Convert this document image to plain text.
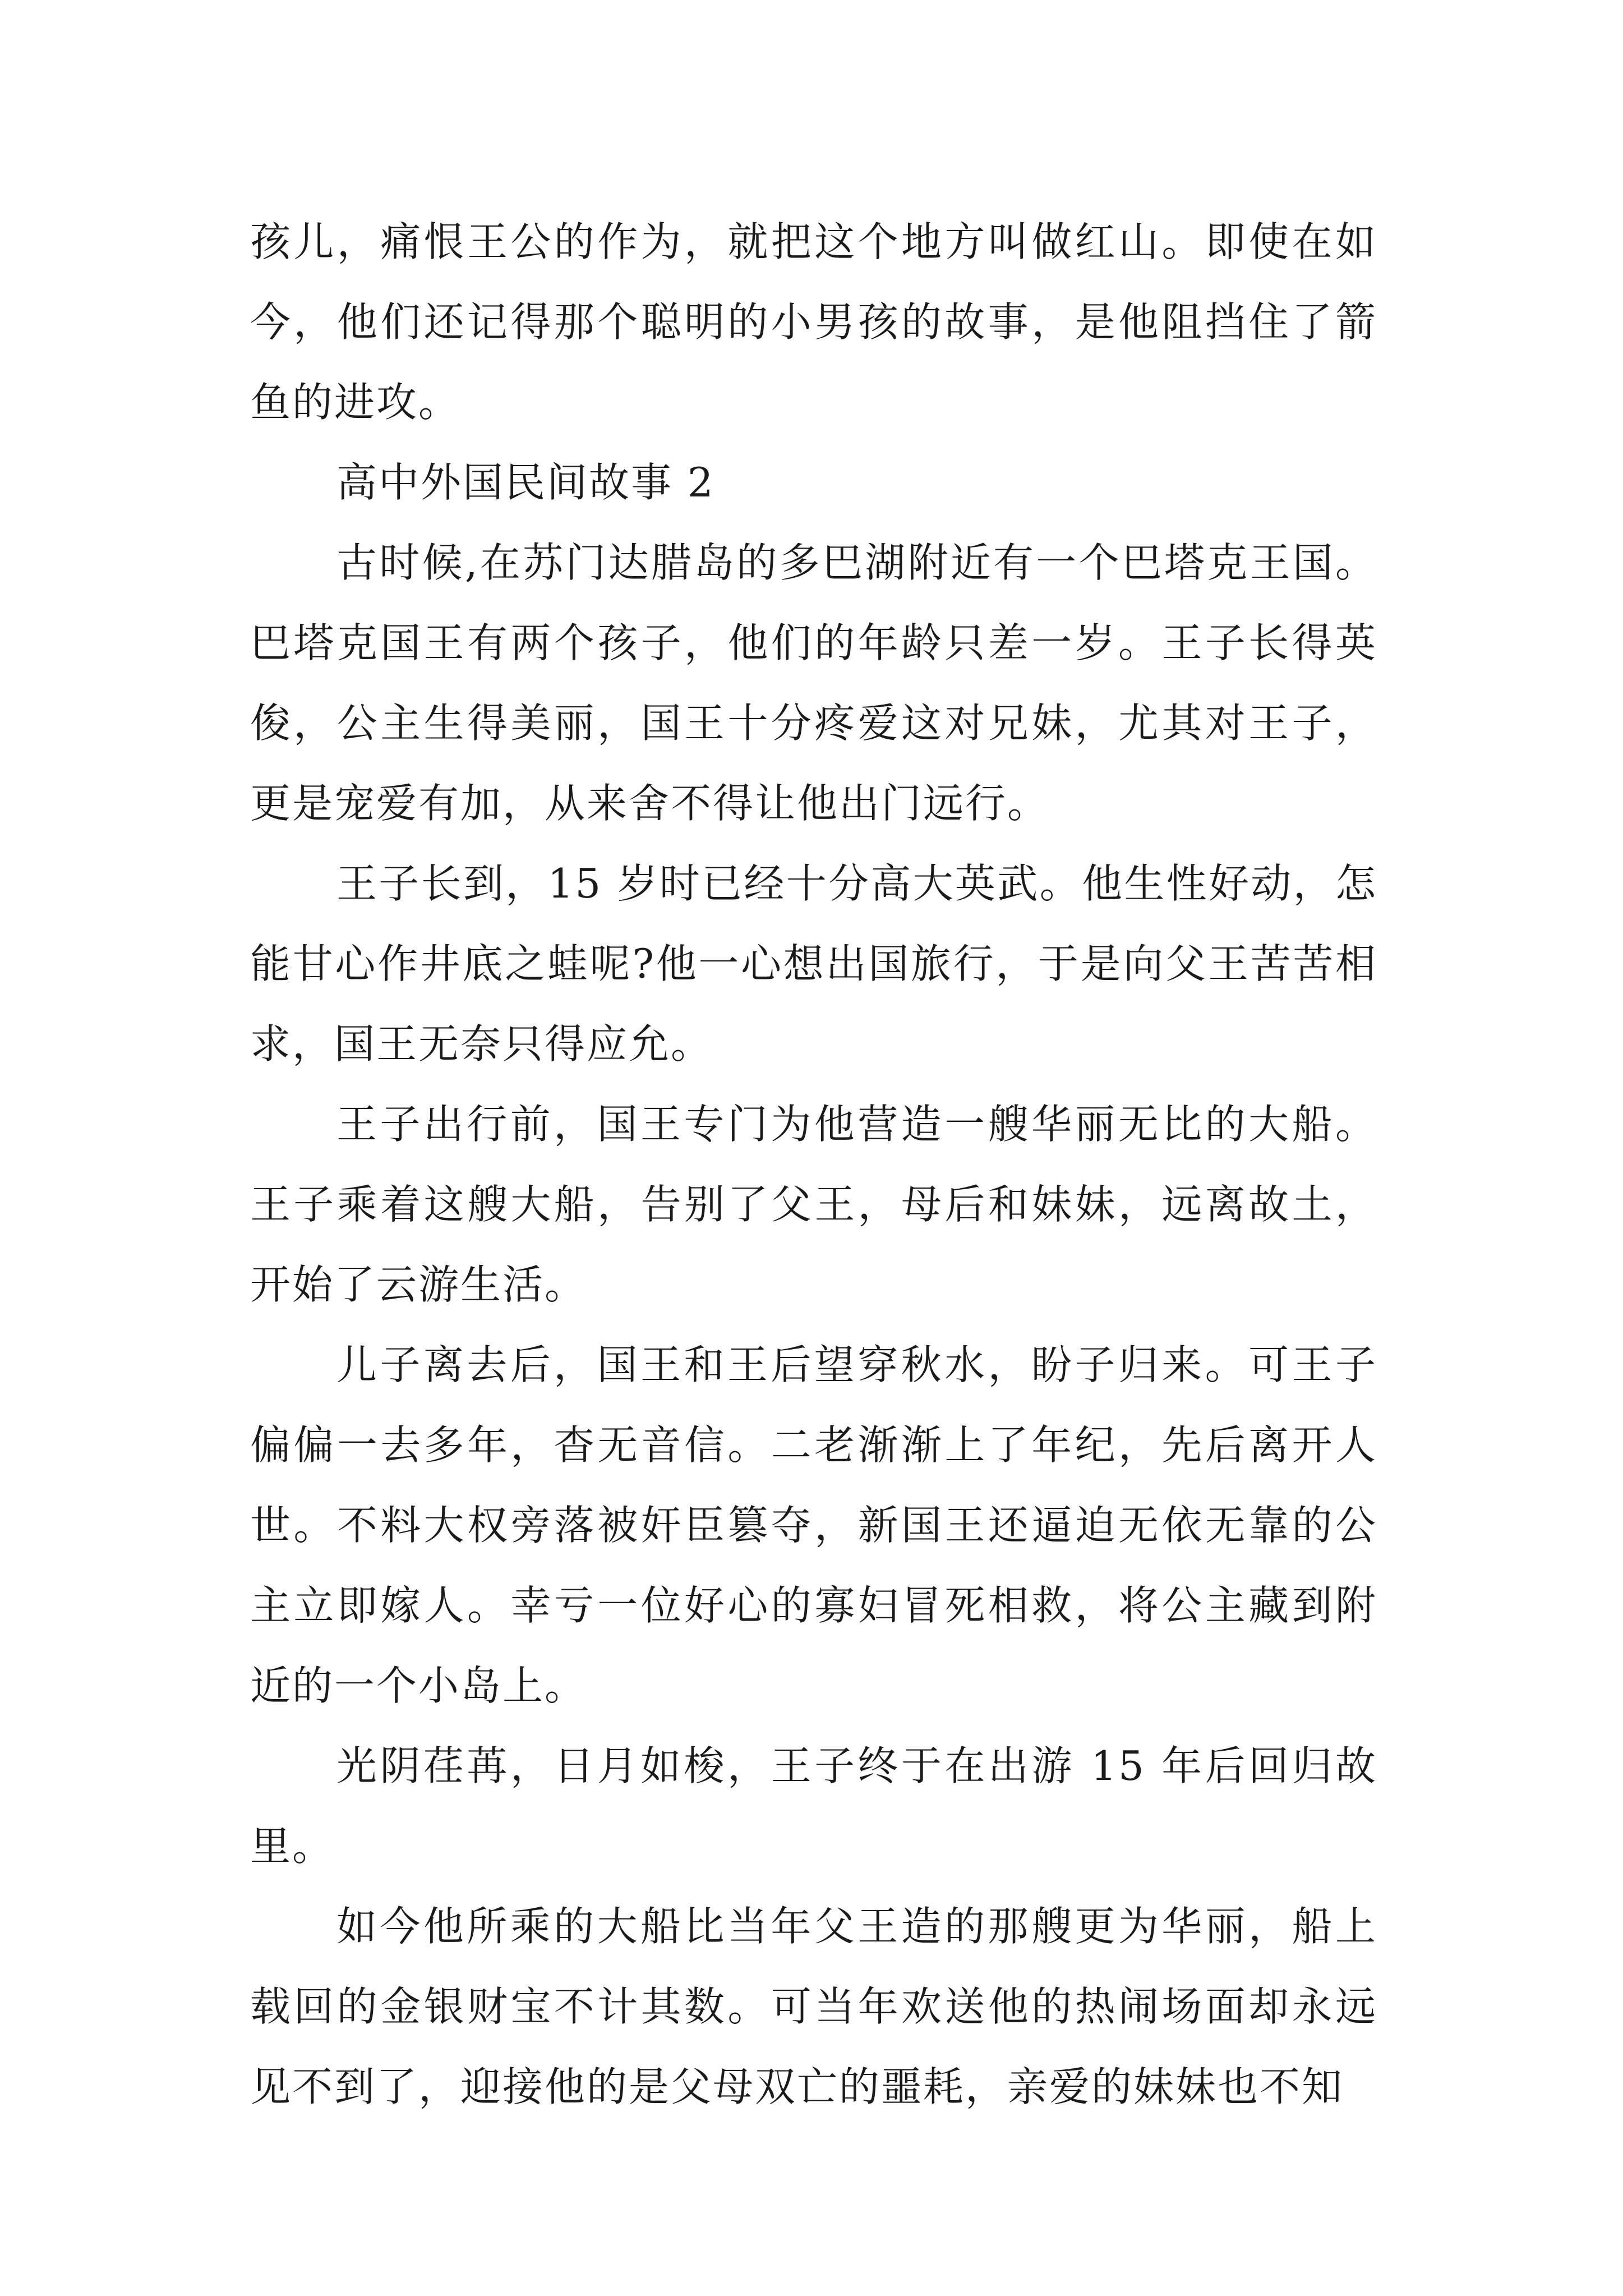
孩儿，痛恨王公的作为，就把这个地方叫做红山。即使在如今，他们还记得那个聪明的小男孩的故事，是他阻挡住了箭鱼的进攻。

高中外国民间故事 2

古时候,在苏门达腊岛的多巴湖附近有一个巴塔克王国。巴塔克国王有两个孩子，他们的年龄只差一岁。王子长得英俊，公主生得美丽，国王十分疼爱这对兄妹，尤其对王子，更是宠爱有加，从来舍不得让他出门远行。

王子长到，15 岁时已经十分高大英武。他生性好动，怎能甘心作井底之蛙呢?他一心想出国旅行，于是向父王苦苦相求，国王无奈只得应允。

王子出行前，国王专门为他营造一艘华丽无比的大船。王子乘着这艘大船，告别了父王，母后和妹妹，远离故土，开始了云游生活。

儿子离去后，国王和王后望穿秋水，盼子归来。可王子偏偏一去多年，杳无音信。二老渐渐上了年纪，先后离开人世。不料大权旁落被奸臣篡夺，新国王还逼迫无依无靠的公主立即嫁人。幸亏一位好心的寡妇冒死相救，将公主藏到附近的一个小岛上。

光阴荏苒，日月如梭，王子终于在出游 15 年后回归故里。

如今他所乘的大船比当年父王造的那艘更为华丽，船上载回的金银财宝不计其数。可当年欢送他的热闹场面却永远见不到了，迎接他的是父母双亡的噩耗，亲爱的妹妹也不知
